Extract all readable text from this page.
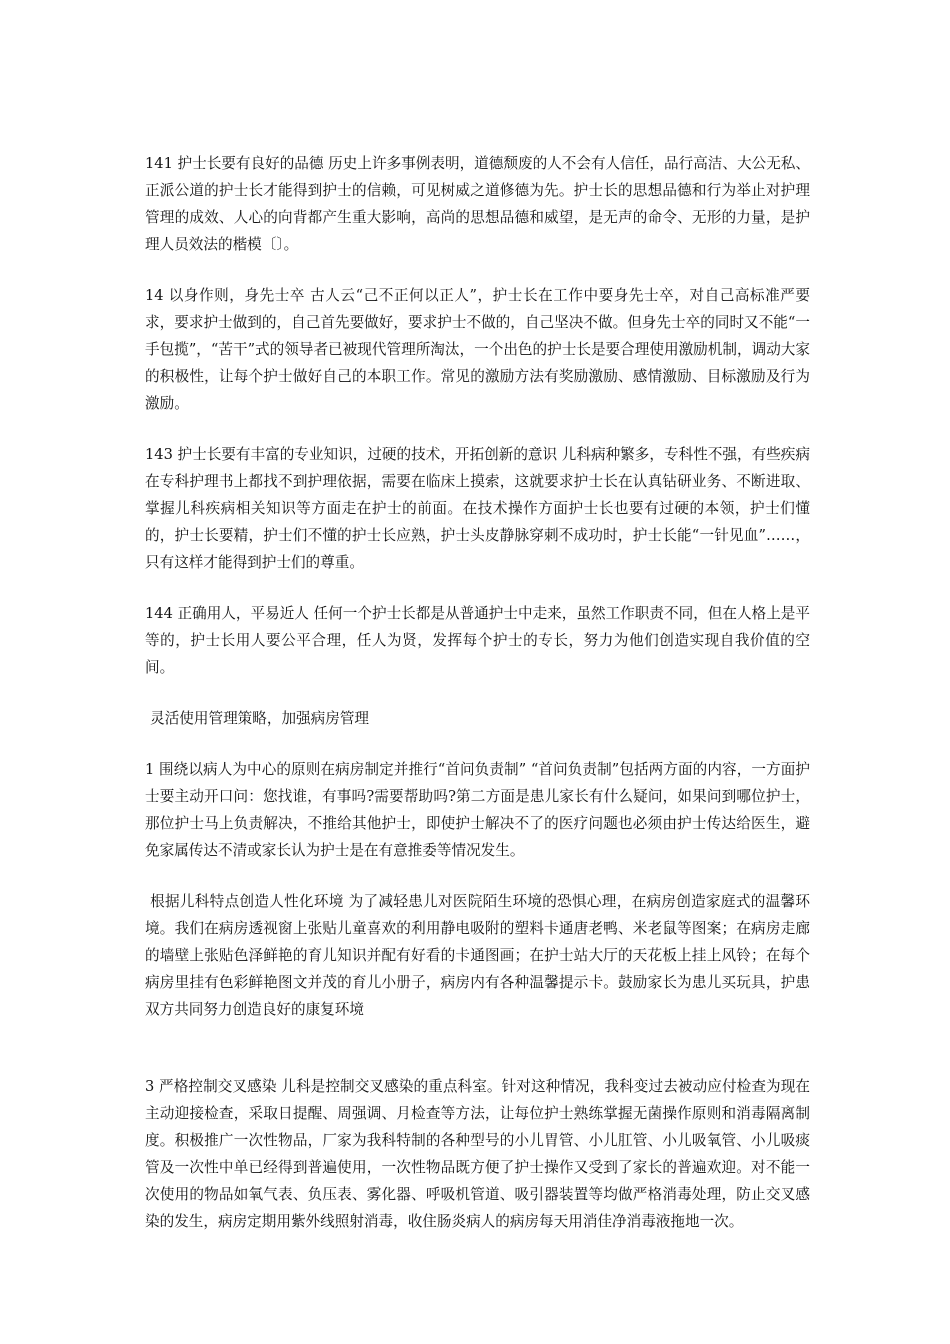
141 护士长要有良好的品德 历史上许多事例表明，道德颓废的人不会有人信任，品行高洁、大公无私、正派公道的护士长才能得到护士的信赖，可见树威之道修德为先。护士长的思想品德和行为举止对护理管理的成效、人心的向背都产生重大影响，高尚的思想品德和威望，是无声的命令、无形的力量，是护理人员效法的楷模〔〕。

14 以身作则，身先士卒 古人云“己不正何以正人”，护士长在工作中要身先士卒，对自己高标准严要求，要求护士做到的，自己首先要做好，要求护士不做的，自己坚决不做。但身先士卒的同时又不能“一手包揽”，“苦干”式的领导者已被现代管理所淘汰，一个出色的护士长是要合理使用激励机制，调动大家的积极性，让每个护士做好自己的本职工作。常见的激励方法有奖励激励、感情激励、目标激励及行为激励。

143 护士长要有丰富的专业知识，过硬的技术，开拓创新的意识 儿科病种繁多，专科性不强，有些疾病在专科护理书上都找不到护理依据，需要在临床上摸索，这就要求护士长在认真钻研业务、不断进取、掌握儿科疾病相关知识等方面走在护士的前面。在技术操作方面护士长也要有过硬的本领，护士们懂的，护士长要精，护士们不懂的护士长应熟，护士头皮静脉穿刺不成功时，护士长能“一针见血”……，只有这样才能得到护士们的尊重。

144 正确用人，平易近人 任何一个护士长都是从普通护士中走来，虽然工作职责不同，但在人格上是平等的，护士长用人要公平合理，任人为贤，发挥每个护士的专长，努力为他们创造实现自我价值的空间。

灵活使用管理策略，加强病房管理

1 围绕以病人为中心的原则在病房制定并推行“首问负责制” “首问负责制”包括两方面的内容，一方面护士要主动开口问：您找谁，有事吗?需要帮助吗?第二方面是患儿家长有什么疑问，如果问到哪位护士，那位护士马上负责解决，不推给其他护士，即使护士解决不了的医疗问题也必须由护士传达给医生，避免家属传达不清或家长认为护士是在有意推委等情况发生。

根据儿科特点创造人性化环境 为了减轻患儿对医院陌生环境的恐惧心理，在病房创造家庭式的温馨环境。我们在病房透视窗上张贴儿童喜欢的利用静电吸附的塑料卡通唐老鸭、米老鼠等图案；在病房走廊的墙壁上张贴色泽鲜艳的育儿知识并配有好看的卡通图画；在护士站大厅的天花板上挂上风铃；在每个病房里挂有色彩鲜艳图文并茂的育儿小册子，病房内有各种温馨提示卡。鼓励家长为患儿买玩具，护患双方共同努力创造良好的康复环境

3 严格控制交叉感染 儿科是控制交叉感染的重点科室。针对这种情况，我科变过去被动应付检查为现在主动迎接检查，采取日提醒、周强调、月检查等方法，让每位护士熟练掌握无菌操作原则和消毒隔离制度。积极推广一次性物品，厂家为我科特制的各种型号的小儿胃管、小儿肛管、小儿吸氧管、小儿吸痰管及一次性中单已经得到普遍使用，一次性物品既方便了护士操作又受到了家长的普遍欢迎。对不能一次使用的物品如氧气表、负压表、雾化器、呼吸机管道、吸引器装置等均做严格消毒处理，防止交叉感染的发生，病房定期用紫外线照射消毒，收住肠炎病人的病房每天用消佳净消毒液拖地一次。
